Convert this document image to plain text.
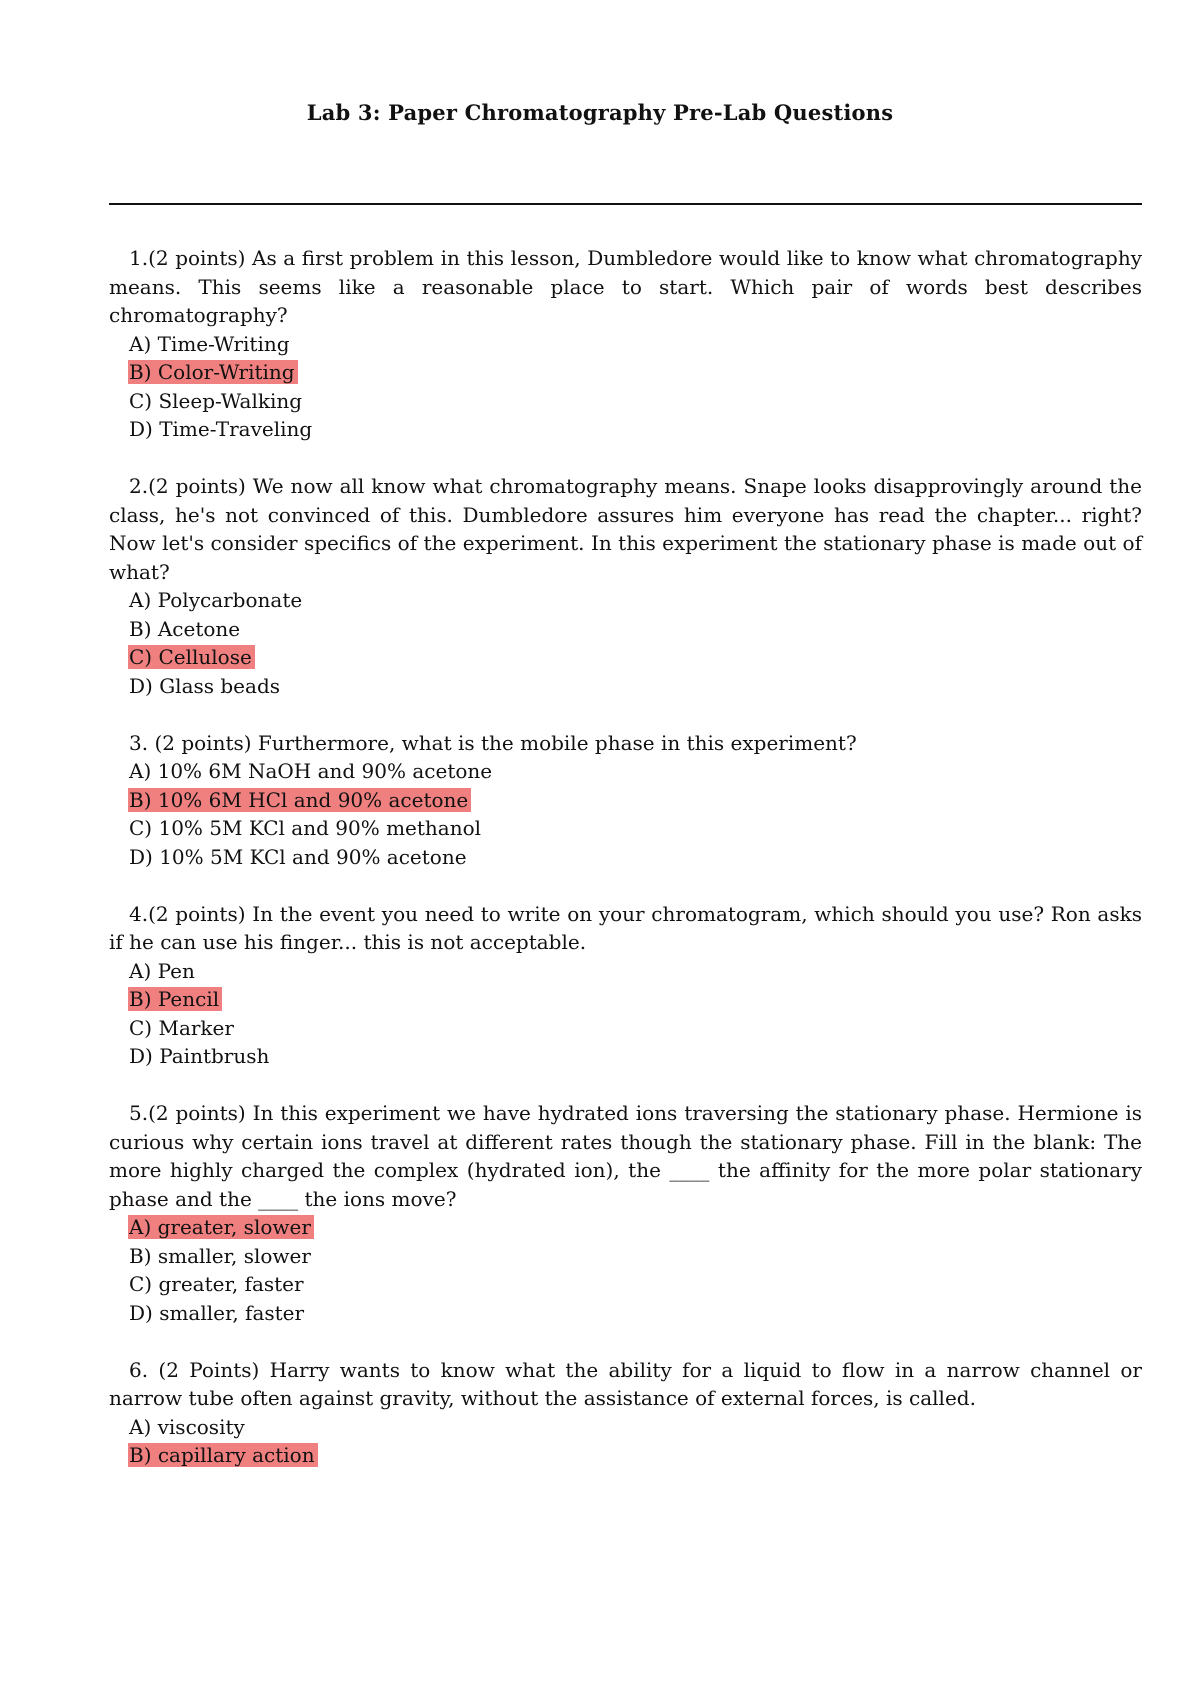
Lab 3: Paper Chromatography Pre-Lab Questions

1.(2 points) As a first problem in this lesson, Dumbledore would like to know what chromatography means. This seems like a reasonable place to start. Which pair of words best describes chromatography?

A) Time-Writing
B) Color-Writing
C) Sleep-Walking
D) Time-Traveling

2.(2 points) We now all know what chromatography means. Snape looks disapprovingly around the class, he's not convinced of this. Dumbledore assures him everyone has read the chapter... right? Now let's consider specifics of the experiment. In this experiment the stationary phase is made out of what?

A) Polycarbonate
B) Acetone
C) Cellulose
D) Glass beads

3. (2 points) Furthermore, what is the mobile phase in this experiment?

A) 10% 6M NaOH and 90% acetone
B) 10% 6M HCl and 90% acetone
C) 10% 5M KCl and 90% methanol
D) 10% 5M KCl and 90% acetone

4.(2 points) In the event you need to write on your chromatogram, which should you use? Ron asks if he can use his finger... this is not acceptable.

A) Pen
B) Pencil
C) Marker
D) Paintbrush

5.(2 points) In this experiment we have hydrated ions traversing the stationary phase. Hermione is curious why certain ions travel at different rates though the stationary phase. Fill in the blank: The more highly charged the complex (hydrated ion), the ____ the affinity for the more polar stationary phase and the ____ the ions move?

A) greater, slower
B) smaller, slower
C) greater, faster
D) smaller, faster

6. (2 Points) Harry wants to know what the ability for a liquid to flow in a narrow channel or narrow tube often against gravity, without the assistance of external forces, is called.

A) viscosity
B) capillary action
